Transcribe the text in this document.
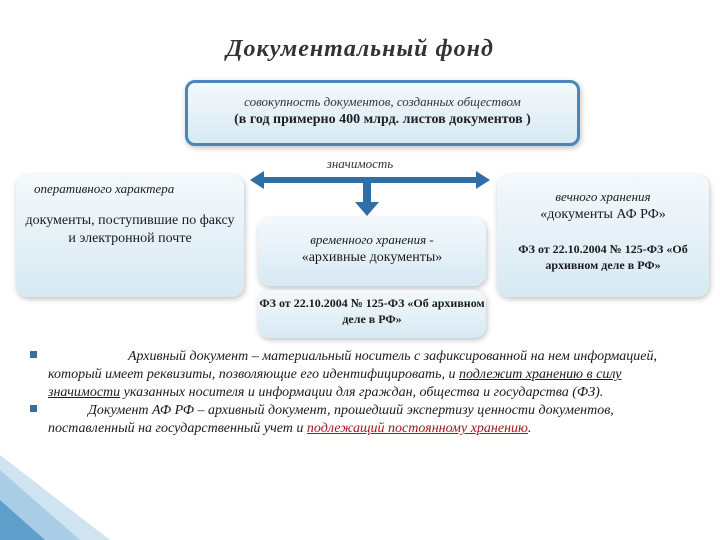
Документальный фонд
совокупность документов, созданных обществом
(в год примерно 400 млрд. листов документов )
значимость
оперативного характера
документы, поступившие по факсу и электронной почте	временного хранения -
«архивные документы»
ФЗ от 22.10.2004 № 125-ФЗ «Об архивном деле в РФ»
вечного хранения
«документы АФ РФ»
ФЗ от 22.10.2004 № 125-ФЗ «Об архивном деле в РФ»
Архивный документ – материальный носитель с зафиксированной на нем информацией, который имеет реквизиты, позволяющие его идентифицировать, и подлежит хранению в силу значимости указанных носителя и информации для граждан, общества и государства (ФЗ).
Документ АФ РФ – архивный документ, прошедший экспертизу ценности документов, поставленный на государственный учет и подлежащий постоянному хранению.
